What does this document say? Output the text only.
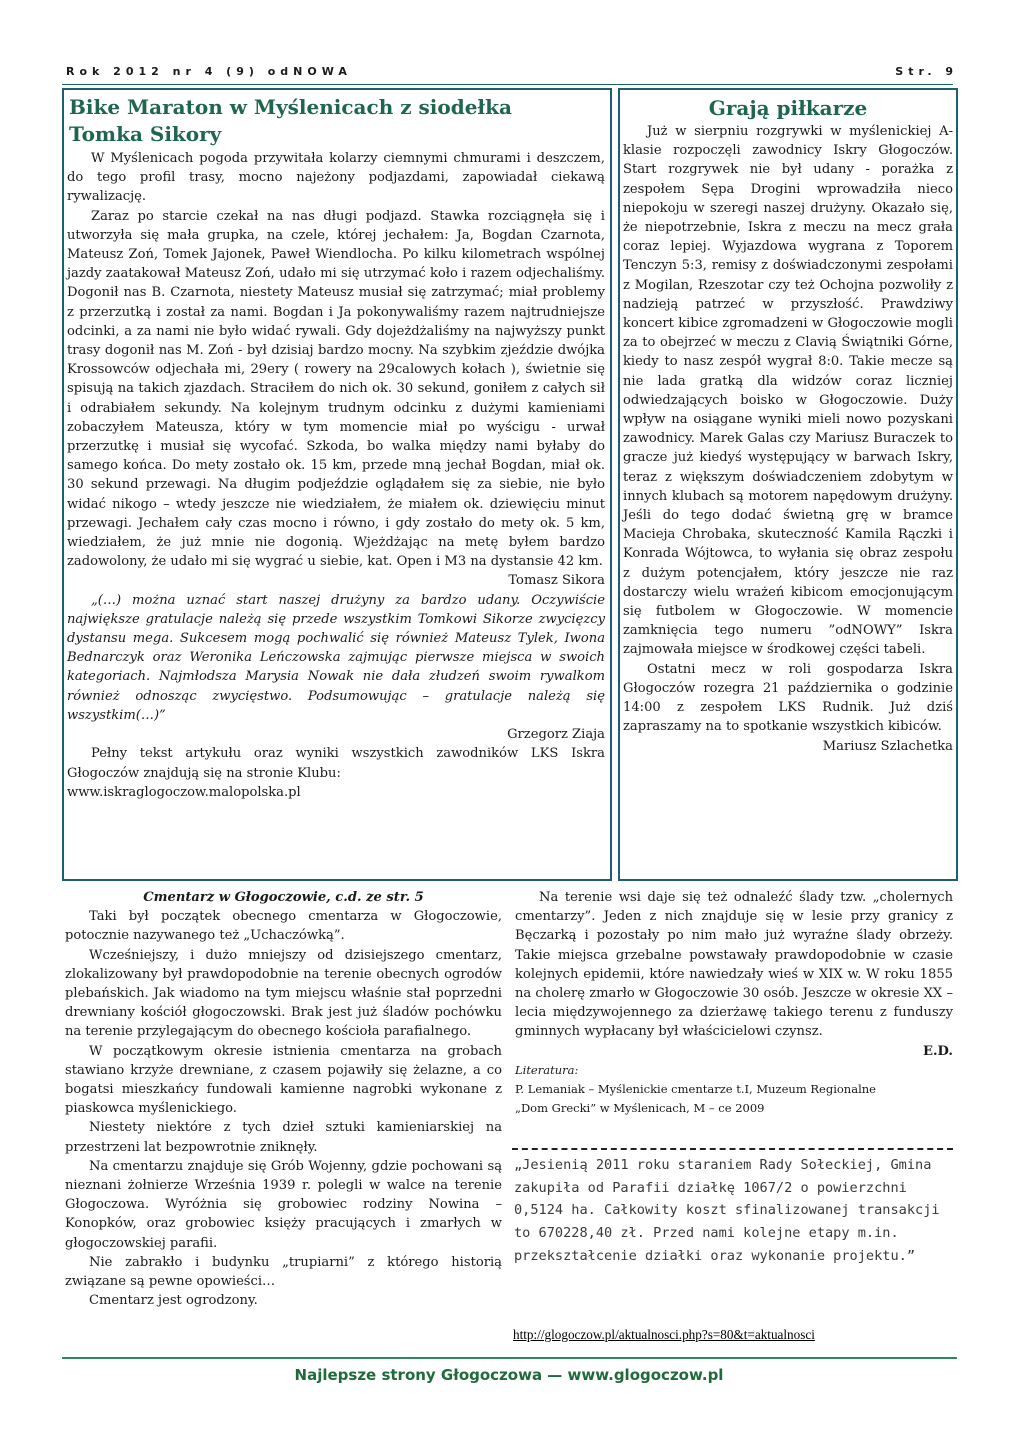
Rok 2012 nr 4 (9) odNOWA	Str. 9
Bike Maraton w Myślenicach z siodełka
Tomka Sikory

W Myślenicach pogoda przywitała kolarzy ciemnymi chmurami i deszczem, do tego profil trasy, mocno najeżony podjazdami, zapowiadał ciekawą rywalizację.

Zaraz po starcie czekał na nas długi podjazd. Stawka rozciągnęła się i utworzyła się mała grupka, na czele, której jechałem: Ja, Bogdan Czarnota, Mateusz Zoń, Tomek Jajonek, Paweł Wiendlocha. Po kilku kilometrach wspólnej jazdy zaatakował Mateusz Zoń, udało mi się utrzymać koło i razem odjechaliśmy. Dogonił nas B. Czarnota, niestety Mateusz musiał się zatrzymać; miał problemy z przerzutką i został za nami. Bogdan i Ja pokonywaliśmy razem najtrudniejsze odcinki, a za nami nie było widać rywali. Gdy dojeżdżaliśmy na najwyższy punkt trasy dogonił nas M. Zoń - był dzisiaj bardzo mocny. Na szybkim zjeździe dwójka Krossowców odjechała mi, 29ery ( rowery na 29calowych kołach ), świetnie się spisują na takich zjazdach. Straciłem do nich ok. 30 sekund, goniłem z całych sił i odrabiałem sekundy. Na kolejnym trudnym odcinku z dużymi kamieniami zobaczyłem Mateusza, który w tym momencie miał po wyścigu - urwał przerzutkę i musiał się wycofać. Szkoda, bo walka między nami byłaby do samego końca. Do mety zostało ok. 15 km, przede mną jechał Bogdan, miał ok. 30 sekund przewagi. Na długim podjeździe oglądałem się za siebie, nie było widać nikogo – wtedy jeszcze nie wiedziałem, że miałem ok. dziewięciu minut przewagi. Jechałem cały czas mocno i równo, i gdy zostało do mety ok. 5 km, wiedziałem, że już mnie nie dogonią. Wjeżdżając na metę byłem bardzo zadowolony, że udało mi się wygrać u siebie, kat. Open i M3 na dystansie 42 km.

Tomasz Sikora

„(…) można uznać start naszej drużyny za bardzo udany. Oczywiście największe gratulacje należą się przede wszystkim Tomkowi Sikorze zwycięzcy dystansu mega. Sukcesem mogą pochwalić się również Mateusz Tylek, Iwona Bednarczyk oraz Weronika Leńczowska zajmując pierwsze miejsca w swoich kategoriach. Najmłodsza Marysia Nowak nie dała złudzeń swoim rywalkom również odnosząc zwycięstwo. Podsumowując – gratulacje należą się wszystkim(…)”

Grzegorz Ziaja

Pełny tekst artykułu oraz wyniki wszystkich zawodników LKS Iskra Głogoczów znajdują się na stronie Klubu:

www.iskraglogoczow.malopolska.pl

Grają piłkarze

Już w sierpniu rozgrywki w myślenickiej A-klasie rozpoczęli zawodnicy Iskry Głogoczów. Start rozgrywek nie był udany - porażka z zespołem Sępa Drogini wprowadziła nieco niepokoju w szeregi naszej drużyny. Okazało się, że niepotrzebnie, Iskra z meczu na mecz grała coraz lepiej. Wyjazdowa wygrana z Toporem Tenczyn 5:3, remisy z doświadczonymi zespołami z Mogilan, Rzeszotar czy też Ochojna pozwoliły z nadzieją patrzeć w przyszłość. Prawdziwy koncert kibice zgromadzeni w Głogoczowie mogli za to obejrzeć w meczu z Clavią Świątniki Górne, kiedy to nasz zespół wygrał 8:0. Takie mecze są nie lada gratką dla widzów coraz liczniej odwiedzających boisko w Głogoczowie. Duży wpływ na osiągane wyniki mieli nowo pozyskani zawodnicy. Marek Galas czy Mariusz Buraczek to gracze już kiedyś występujący w barwach Iskry, teraz z większym doświadczeniem zdobytym w innych klubach są motorem napędowym drużyny. Jeśli do tego dodać świetną grę w bramce Macieja Chrobaka, skuteczność Kamila Rączki i Konrada Wójtowca, to wyłania się obraz zespołu z dużym potencjałem, który jeszcze nie raz dostarczy wielu wrażeń kibicom emocjonującym się futbolem w Głogoczowie. W momencie zamknięcia tego numeru ”odNOWY” Iskra zajmowała miejsce w środkowej części tabeli.

Ostatni mecz w roli gospodarza Iskra Głogoczów rozegra 21 października o godzinie 14:00 z zespołem LKS Rudnik. Już dziś zapraszamy na to spotkanie wszystkich kibiców.

Mariusz Szlachetka

Cmentarz w Głogoczowie, c.d. ze str. 5

Taki był początek obecnego cmentarza w Głogoczowie, potocznie nazywanego też „Uchaczówką”.

Wcześniejszy, i dużo mniejszy od dzisiejszego cmentarz, zlokalizowany był prawdopodobnie na terenie obecnych ogrodów plebańskich. Jak wiadomo na tym miejscu właśnie stał poprzedni drewniany kościół głogoczowski. Brak jest już śladów pochówku na terenie przylegającym do obecnego kościoła parafialnego.

W początkowym okresie istnienia cmentarza na grobach stawiano krzyże drewniane, z czasem pojawiły się żelazne, a co bogatsi mieszkańcy fundowali kamienne nagrobki wykonane z piaskowca myślenickiego.

Niestety niektóre z tych dzieł sztuki kamieniarskiej na przestrzeni lat bezpowrotnie zniknęły.

Na cmentarzu znajduje się Grób Wojenny, gdzie pochowani są nieznani żołnierze Września 1939 r. polegli w walce na terenie Głogoczowa. Wyróżnia się grobowiec rodziny Nowina – Konopków, oraz grobowiec księży pracujących i zmarłych w głogoczowskiej parafii.

Nie zabrakło i budynku „trupiarni” z którego historią związane są pewne opowieści…

Cmentarz jest ogrodzony.

Na terenie wsi daje się też odnaleźć ślady tzw. „cholernych cmentarzy”. Jeden z nich znajduje się w lesie przy granicy z Bęczarką i pozostały po nim mało już wyraźne ślady obrzeży. Takie miejsca grzebalne powstawały prawdopodobnie w czasie kolejnych epidemii, które nawiedzały wieś w XIX w. W roku 1855 na cholerę zmarło w Głogoczowie 30 osób. Jeszcze w okresie XX – lecia międzywojennego za dzierżawę takiego terenu z funduszy gminnych wypłacany był właścicielowi czynsz.

E.D.

Literatura:
P. Lemaniak – Myślenickie cmentarze t.I, Muzeum Regionalne
„Dom Grecki” w Myślenicach, M – ce 2009
„Jesienią 2011 roku staraniem Rady Sołeckiej, Gmina zakupiła od Parafii działkę 1067/2 o powierzchni 0,5124 ha. Całkowity koszt sfinalizowanej transakcji to 670228,40 zł. Przed nami kolejne etapy m.in. przekształcenie działki oraz wykonanie projektu.”
http://glogoczow.pl/aktualnosci.php?s=80&t=aktualnosci
Najlepsze strony Głogoczowa — www.glogoczow.pl
